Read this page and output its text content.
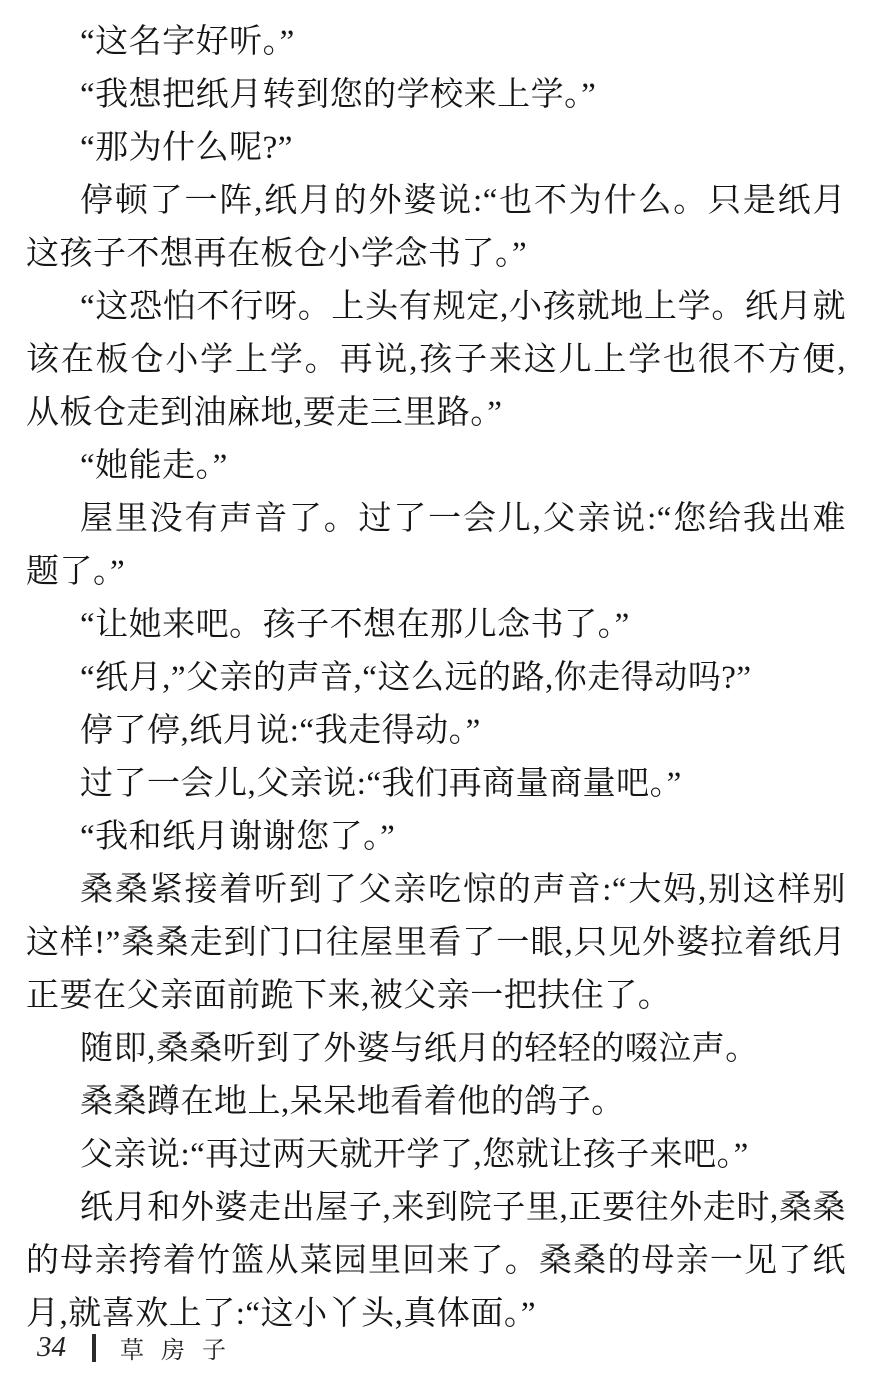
“这名字好听。”

“我想把纸月转到您的学校来上学。”

“那为什么呢?”

停顿了一阵,纸月的外婆说:“也不为什么。只是纸月这孩子不想再在板仓小学念书了。”

“这恐怕不行呀。上头有规定,小孩就地上学。纸月就该在板仓小学上学。再说,孩子来这儿上学也很不方便,从板仓走到油麻地,要走三里路。”

“她能走。”

屋里没有声音了。过了一会儿,父亲说:“您给我出难题了。”

“让她来吧。孩子不想在那儿念书了。”

“纸月,”父亲的声音,“这么远的路,你走得动吗?”

停了停,纸月说:“我走得动。”

过了一会儿,父亲说:“我们再商量商量吧。”

“我和纸月谢谢您了。”

桑桑紧接着听到了父亲吃惊的声音:“大妈,别这样别这样!”桑桑走到门口往屋里看了一眼,只见外婆拉着纸月正要在父亲面前跪下来,被父亲一把扶住了。

随即,桑桑听到了外婆与纸月的轻轻的啜泣声。

桑桑蹲在地上,呆呆地看着他的鸽子。

父亲说:“再过两天就开学了,您就让孩子来吧。”

纸月和外婆走出屋子,来到院子里,正要往外走时,桑桑的母亲挎着竹篮从菜园里回来了。桑桑的母亲一见了纸月,就喜欢上了:“这小丫头,真体面。”

34 草房子
